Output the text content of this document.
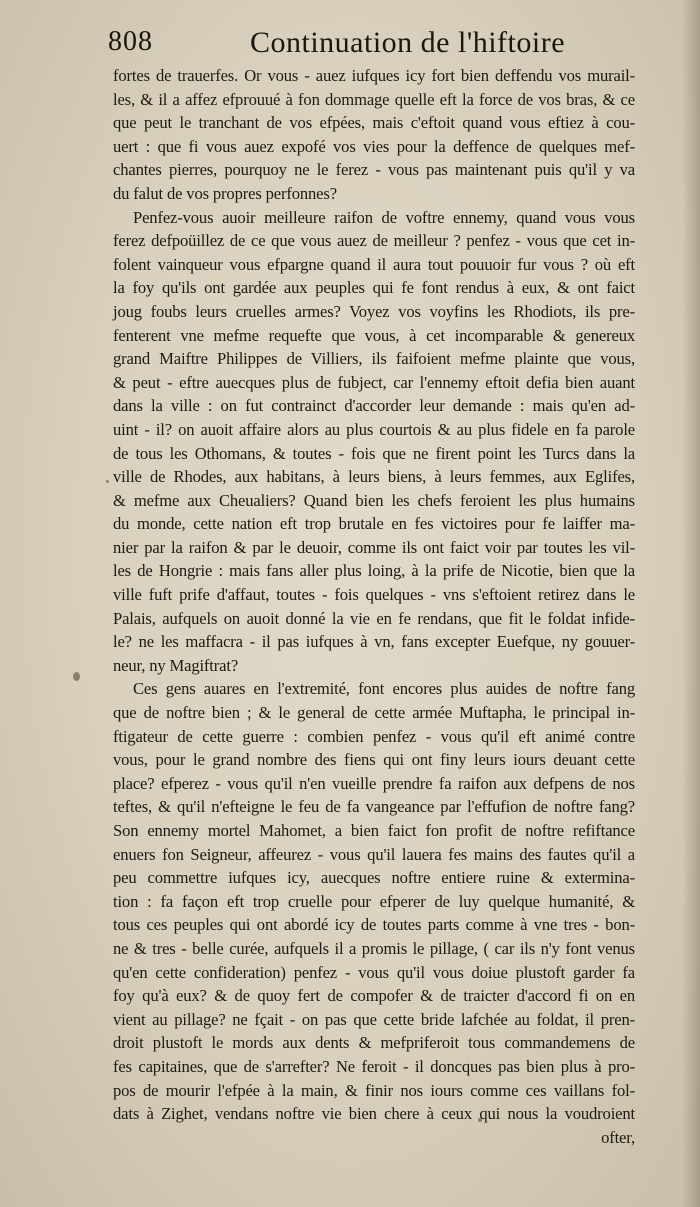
808	Continuation de l'hiftoire
fortes de trauerfes. Or vous - auez iufques icy fort bien deffendu vos murail-
les, & il a affez efprouué à fon dommage quelle eft la force de vos bras, & ce
que peut le tranchant de vos efpées, mais c'eftoit quand vous eftiez à cou-
uert : que fi vous auez expofé vos vies pour la deffence de quelques mef-
chantes pierres, pourquoy ne le ferez - vous pas maintenant puis qu'il y va
du falut de vos propres perfonnes?
Penfez-vous auoir meilleure raifon de voftre ennemy, quand vous vous
ferez defpoüillez de ce que vous auez de meilleur ? penfez - vous que cet in-
folent vainqueur vous efpargne quand il aura tout pouuoir fur vous ? où eft
la foy qu'ils ont gardée aux peuples qui fe font rendus à eux, & ont faict
joug foubs leurs cruelles armes? Voyez vos voyfins les Rhodiots, ils pre-
fenterent vne mefme requefte que vous, à cet incomparable & genereux
grand Maiftre Philippes de Villiers, ils faifoient mefme plainte que vous,
& peut - eftre auecques plus de fubject, car l'ennemy eftoit defia bien auant
dans la ville : on fut contrainct d'accorder leur demande : mais qu'en ad-
uint - il? on auoit affaire alors au plus courtois & au plus fidele en fa parole
de tous les Othomans, & toutes - fois que ne firent point les Turcs dans la
ville de Rhodes, aux habitans, à leurs biens, à leurs femmes, aux Eglifes,
& mefme aux Cheualiers? Quand bien les chefs feroient les plus humains
du monde, cette nation eft trop brutale en fes victoires pour fe laiffer ma-
nier par la raifon & par le deuoir, comme ils ont faict voir par toutes les vil-
les de Hongrie : mais fans aller plus loing, à la prife de Nicotie, bien que la
ville fuft prife d'affaut, toutes - fois quelques - vns s'eftoient retirez dans le
Palais, aufquels on auoit donné la vie en fe rendans, que fit le foldat infide-
le? ne les maffacra - il pas iufques à vn, fans excepter Euefque, ny gouuer-
neur, ny Magiftrat?
Ces gens auares en l'extremité, font encores plus auides de noftre fang
que de noftre bien ; & le general de cette armée Muftapha, le principal in-
ftigateur de cette guerre : combien penfez - vous qu'il eft animé contre
vous, pour le grand nombre des fiens qui ont finy leurs iours deuant cette
place? efperez - vous qu'il n'en vueille prendre fa raifon aux defpens de nos
teftes, & qu'il n'efteigne le feu de fa vangeance par l'effufion de noftre fang?
Son ennemy mortel Mahomet, a bien faict fon profit de noftre refiftance
enuers fon Seigneur, affeurez - vous qu'il lauera fes mains des fautes qu'il a
peu commettre iufques icy, auecques noftre entiere ruine & extermina-
tion : fa façon eft trop cruelle pour efperer de luy quelque humanité, &
tous ces peuples qui ont abordé icy de toutes parts comme à vne tres - bon-
ne & tres - belle curée, aufquels il a promis le pillage, ( car ils n'y font venus
qu'en cette confideration) penfez - vous qu'il vous doiue plustoft garder fa
foy qu'à eux? & de quoy fert de compofer & de traicter d'accord fi on en
vient au pillage? ne fçait - on pas que cette bride lafchée au foldat, il pren-
droit plustoft le mords aux dents & mefpriferoit tous commandemens de
fes capitaines, que de s'arrefter? Ne feroit - il doncques pas bien plus à pro-
pos de mourir l'efpée à la main, & finir nos iours comme ces vaillans fol-
dats à Zighet, vendans noftre vie bien chere à ceux qui nous la voudroient
ofter,
